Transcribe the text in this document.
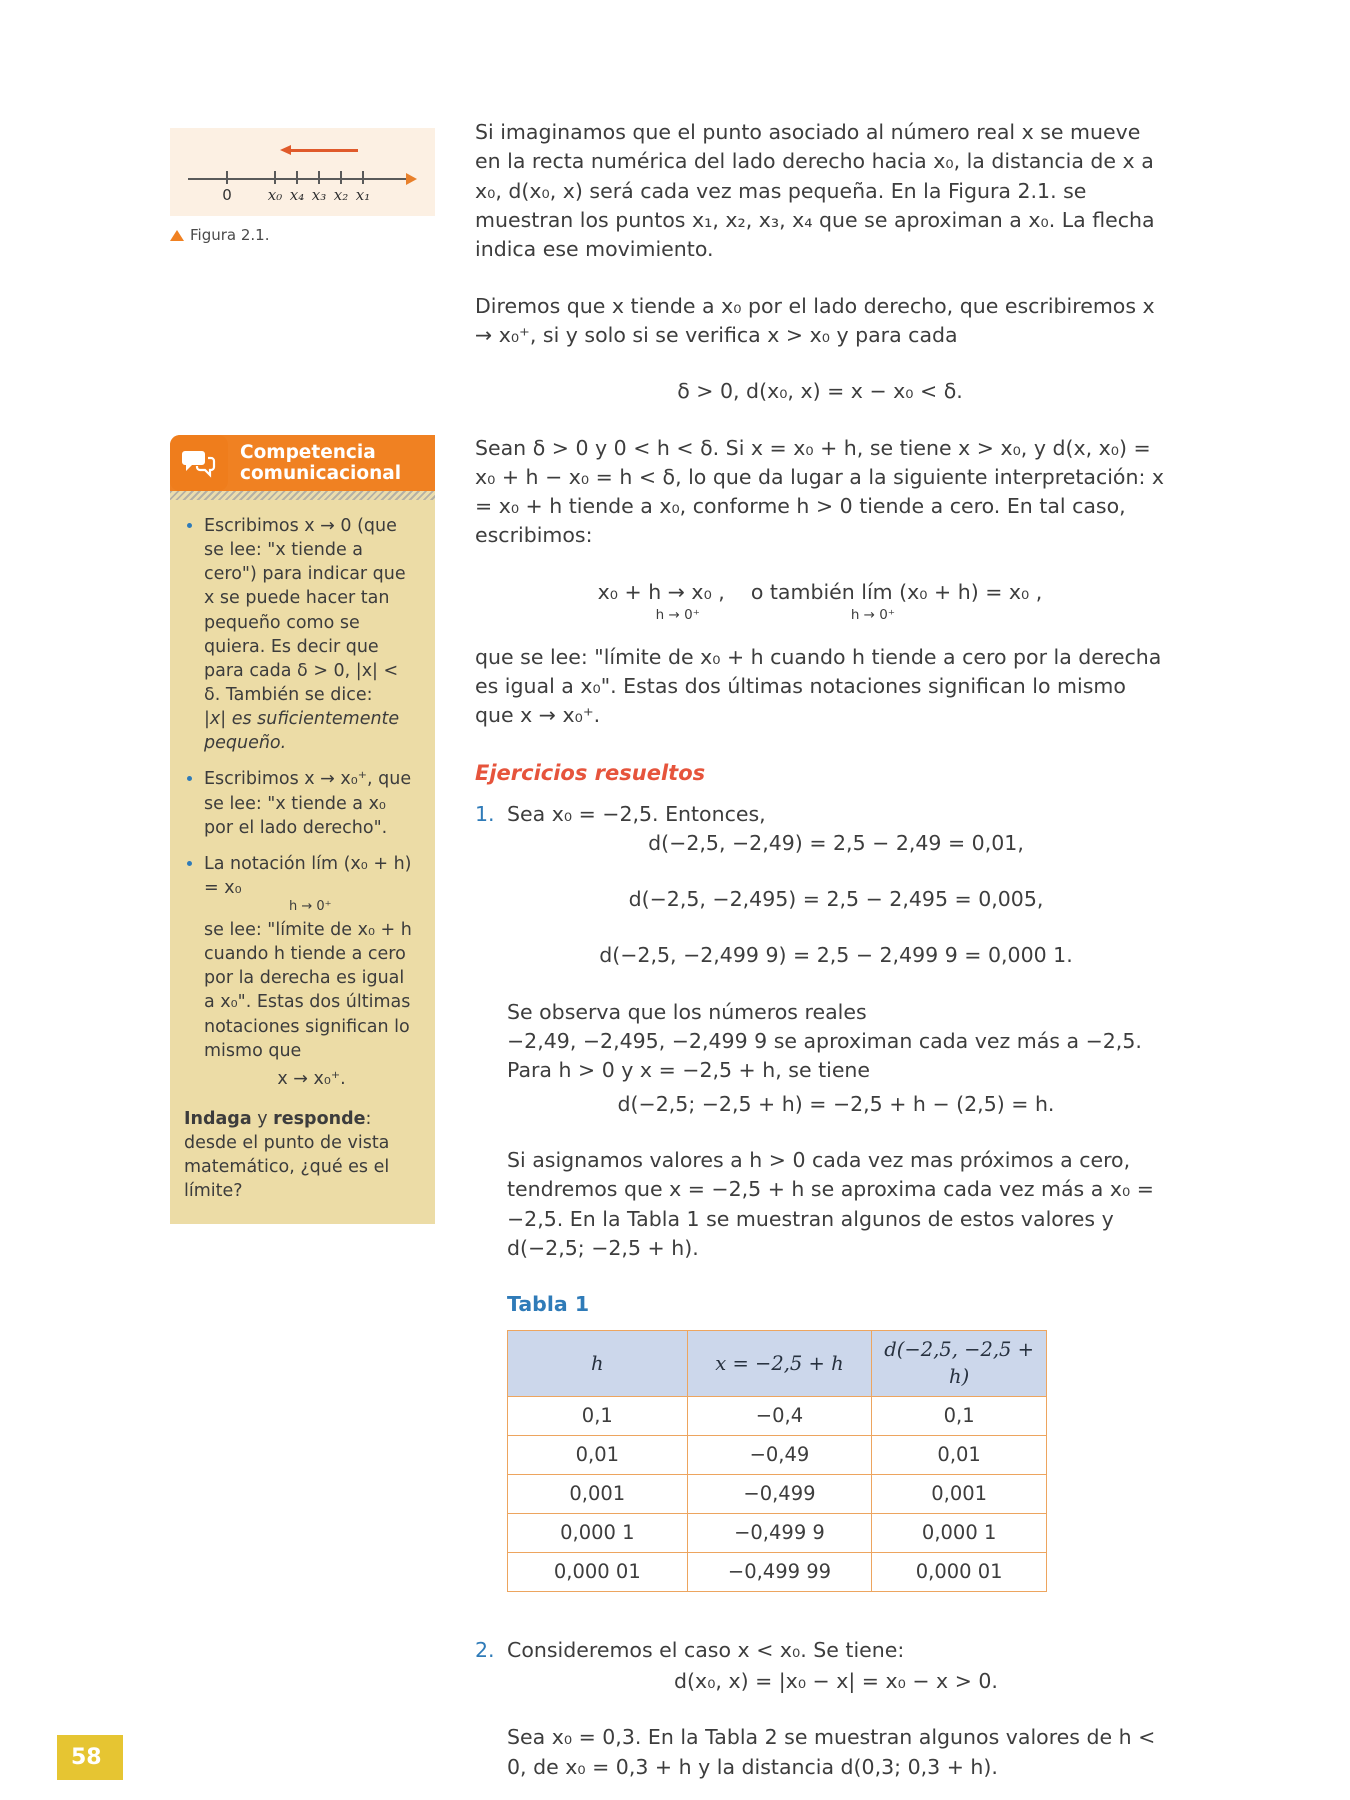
0	x₀ x₄ x₃ x₂ x₁
Figura 2.1.
Competencia
comunicacional
• Escribimos x → 0 (que se lee: "x tiende a cero") para indicar que x se puede hacer tan pequeño como se quiera. Es decir que para cada δ > 0, |x| < δ. También se dice:
|x| es suficientemente pequeño.
• Escribimos x → x₀⁺, que se lee: "x tiende a x₀ por el lado derecho".
• La notación lím (x₀ + h) = x₀
h → 0⁺
se lee: "límite de x₀ + h cuando h tiende a cero por la derecha es igual a x₀". Estas dos últimas notaciones significan lo mismo que
x → x₀⁺.
Indaga y responde: desde el punto de vista matemático, ¿qué es el límite?

Si imaginamos que el punto asociado al número real x se mueve en la recta numérica del lado derecho hacia x₀, la distancia de x a x₀, d(x₀, x) será cada vez mas pequeña. En la Figura 2.1. se muestran los puntos x₁, x₂, x₃, x₄ que se aproximan a x₀. La flecha indica ese movimiento.

Diremos que x tiende a x₀ por el lado derecho, que escribiremos x → x₀⁺, si y solo si se verifica x > x₀ y para cada

δ > 0, d(x₀, x) = x − x₀ < δ.

Sean δ > 0 y 0 < h < δ. Si x = x₀ + h, se tiene x > x₀, y d(x, x₀) = x₀ + h − x₀ = h < δ, lo que da lugar a la siguiente interpretación: x = x₀ + h tiende a x₀, conforme h > 0 tiende a cero. En tal caso, escribimos:

x₀ + h → x₀ ,
h → 0⁺
o también lím (x₀ + h) = x₀ ,
h → 0⁺

que se lee: "límite de x₀ + h cuando h tiende a cero por la derecha es igual a x₀". Estas dos últimas notaciones significan lo mismo que x → x₀⁺.

Ejercicios resueltos
1. Sea x₀ = −2,5. Entonces,

d(−2,5, −2,49) = 2,5 − 2,49 = 0,01,

d(−2,5, −2,495) = 2,5 − 2,495 = 0,005,

d(−2,5, −2,499 9) = 2,5 − 2,499 9 = 0,000 1.

Se observa que los números reales
−2,49, −2,495, −2,499 9 se aproximan cada vez más a −2,5.
Para h > 0 y x = −2,5 + h, se tiene
d(−2,5; −2,5 + h) = −2,5 + h − (2,5) = h.

Si asignamos valores a h > 0 cada vez mas próximos a cero, tendremos que x = −2,5 + h se aproxima cada vez más a x₀ = −2,5. En la Tabla 1 se muestran algunos de estos valores y d(−2,5; −2,5 + h).

Tabla 1
h	x = −2,5 + h	d(−2,5, −2,5 + h)
0,1	−0,4	0,1
0,01	−0,49	0,01
0,001	−0,499	0,001
0,000 1	−0,499 9	0,000 1
0,000 01	−0,499 99	0,000 01
2. Consideremos el caso x < x₀. Se tiene:
d(x₀, x) = |x₀ − x| = x₀ − x > 0.

Sea x₀ = 0,3. En la Tabla 2 se muestran algunos valores de h < 0, de x₀ = 0,3 + h y la distancia d(0,3; 0,3 + h).

58
